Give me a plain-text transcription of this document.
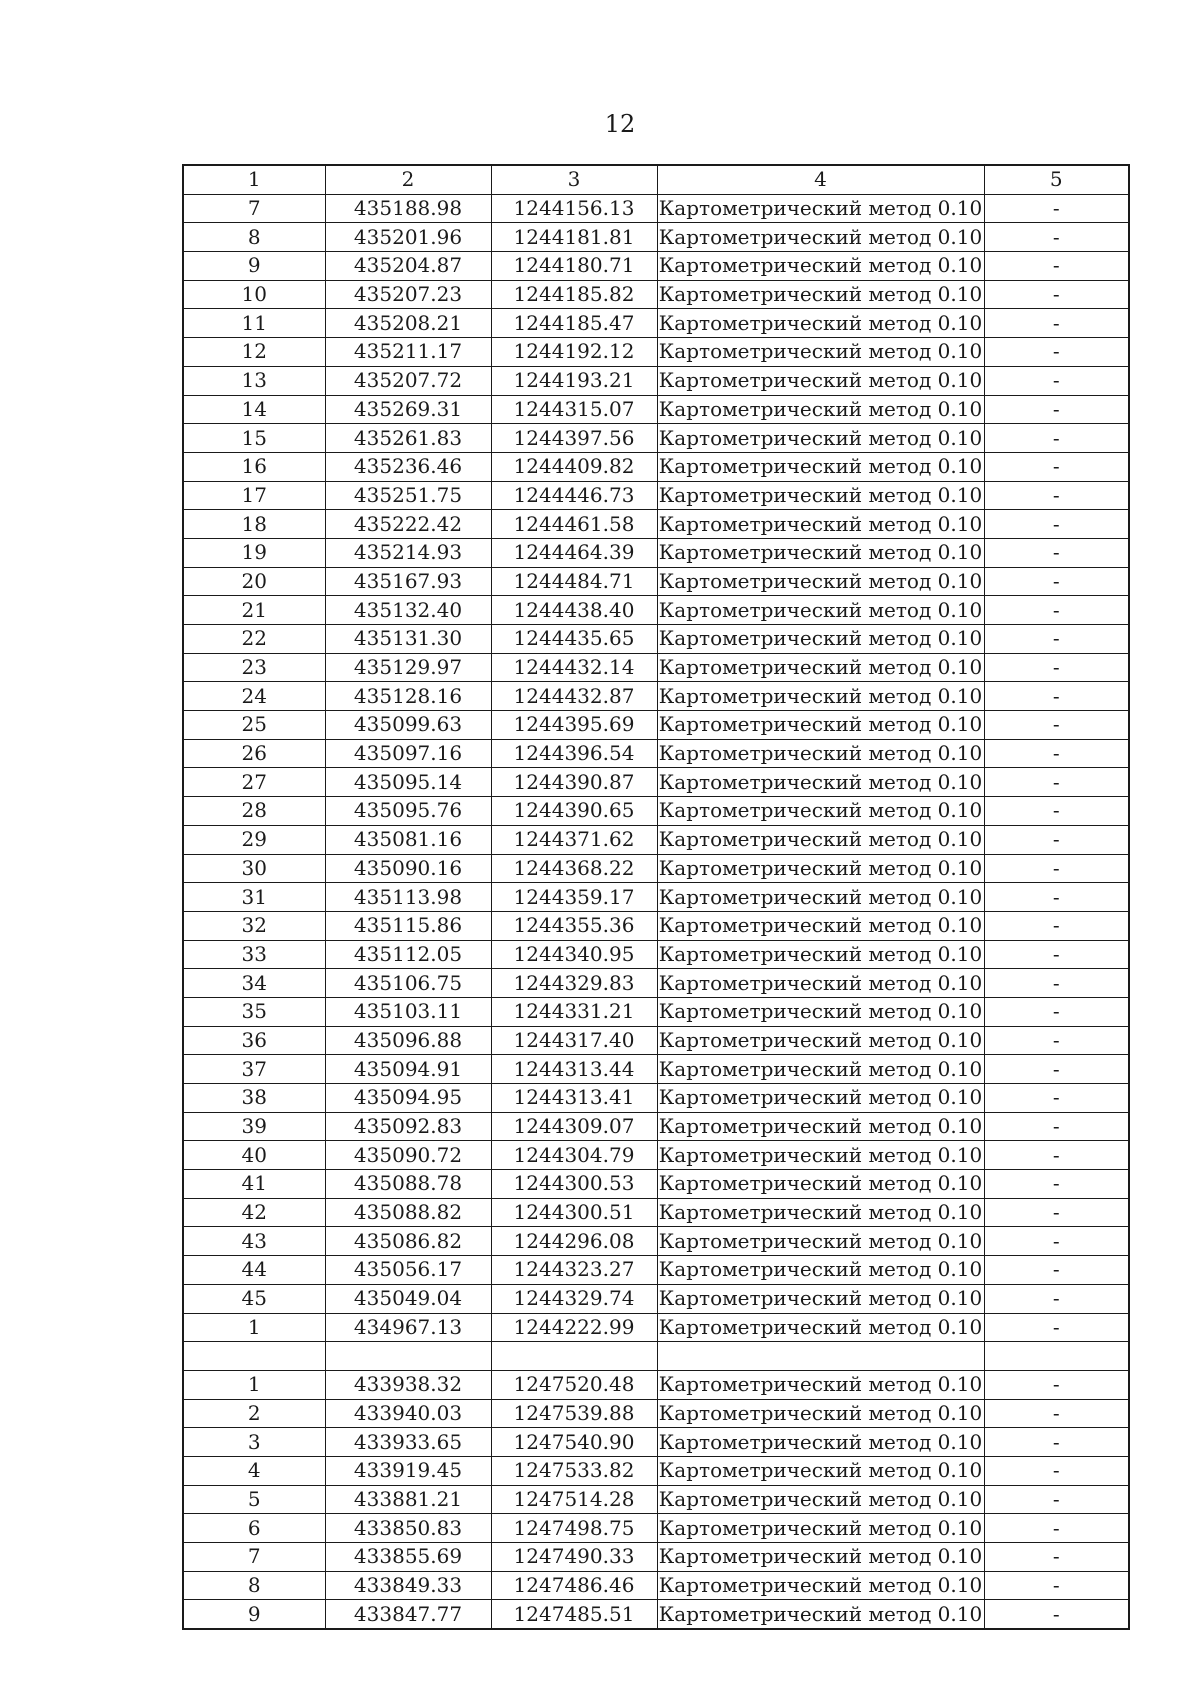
12
1	2	3	4	5
7	435188.98	1244156.13	Картометрический метод 0.10	-
8	435201.96	1244181.81	Картометрический метод 0.10	-
9	435204.87	1244180.71	Картометрический метод 0.10	-
10	435207.23	1244185.82	Картометрический метод 0.10	-
11	435208.21	1244185.47	Картометрический метод 0.10	-
12	435211.17	1244192.12	Картометрический метод 0.10	-
13	435207.72	1244193.21	Картометрический метод 0.10	-
14	435269.31	1244315.07	Картометрический метод 0.10	-
15	435261.83	1244397.56	Картометрический метод 0.10	-
16	435236.46	1244409.82	Картометрический метод 0.10	-
17	435251.75	1244446.73	Картометрический метод 0.10	-
18	435222.42	1244461.58	Картометрический метод 0.10	-
19	435214.93	1244464.39	Картометрический метод 0.10	-
20	435167.93	1244484.71	Картометрический метод 0.10	-
21	435132.40	1244438.40	Картометрический метод 0.10	-
22	435131.30	1244435.65	Картометрический метод 0.10	-
23	435129.97	1244432.14	Картометрический метод 0.10	-
24	435128.16	1244432.87	Картометрический метод 0.10	-
25	435099.63	1244395.69	Картометрический метод 0.10	-
26	435097.16	1244396.54	Картометрический метод 0.10	-
27	435095.14	1244390.87	Картометрический метод 0.10	-
28	435095.76	1244390.65	Картометрический метод 0.10	-
29	435081.16	1244371.62	Картометрический метод 0.10	-
30	435090.16	1244368.22	Картометрический метод 0.10	-
31	435113.98	1244359.17	Картометрический метод 0.10	-
32	435115.86	1244355.36	Картометрический метод 0.10	-
33	435112.05	1244340.95	Картометрический метод 0.10	-
34	435106.75	1244329.83	Картометрический метод 0.10	-
35	435103.11	1244331.21	Картометрический метод 0.10	-
36	435096.88	1244317.40	Картометрический метод 0.10	-
37	435094.91	1244313.44	Картометрический метод 0.10	-
38	435094.95	1244313.41	Картометрический метод 0.10	-
39	435092.83	1244309.07	Картометрический метод 0.10	-
40	435090.72	1244304.79	Картометрический метод 0.10	-
41	435088.78	1244300.53	Картометрический метод 0.10	-
42	435088.82	1244300.51	Картометрический метод 0.10	-
43	435086.82	1244296.08	Картометрический метод 0.10	-
44	435056.17	1244323.27	Картометрический метод 0.10	-
45	435049.04	1244329.74	Картометрический метод 0.10	-
1	434967.13	1244222.99	Картометрический метод 0.10	-

1	433938.32	1247520.48	Картометрический метод 0.10	-
2	433940.03	1247539.88	Картометрический метод 0.10	-
3	433933.65	1247540.90	Картометрический метод 0.10	-
4	433919.45	1247533.82	Картометрический метод 0.10	-
5	433881.21	1247514.28	Картометрический метод 0.10	-
6	433850.83	1247498.75	Картометрический метод 0.10	-
7	433855.69	1247490.33	Картометрический метод 0.10	-
8	433849.33	1247486.46	Картометрический метод 0.10	-
9	433847.77	1247485.51	Картометрический метод 0.10	-
